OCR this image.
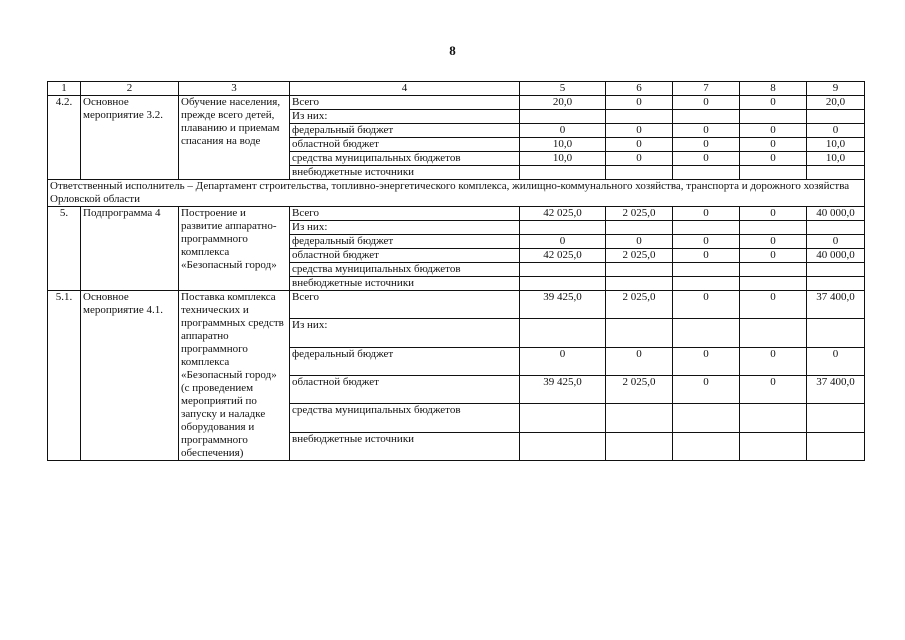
8
1	2	3	4	5	6	7	8	9
4.2.	Основное мероприятие 3.2.	Обучение населения, прежде всего детей, плаванию и приемам спасания на воде	Всего	20,0	0	0	0	20,0
			Из них:					
			федеральный бюджет	0	0	0	0	0
			областной бюджет	10,0	0	0	0	10,0
			средства муниципальных бюджетов	10,0	0	0	0	10,0
			внебюджетные источники					
Ответственный исполнитель – Департамент строительства, топливно-энергетического комплекса, жилищно-коммунального хозяйства, транспорта и дорожного хозяйства Орловской области								
5.	Подпрограмма 4	Построение и развитие аппаратно-программного комплекса «Безопасный город»	Всего	42 025,0	2 025,0	0	0	40 000,0
			Из них:					
			федеральный бюджет	0	0	0	0	0
			областной бюджет	42 025,0	2 025,0	0	0	40 000,0
			средства муниципальных бюджетов					
			внебюджетные источники					
5.1.	Основное мероприятие 4.1.	Поставка комплекса технических и программных средств аппаратно программного комплекса «Безопасный город» (с проведением мероприятий по запуску и наладке оборудования и программного обеспечения)	Всего	39 425,0	2 025,0	0	0	37 400,0
			Из них:					
			федеральный бюджет	0	0	0	0	0
			областной бюджет	39 425,0	2 025,0	0	0	37 400,0
			средства муниципальных бюджетов					
			внебюджетные источники					
